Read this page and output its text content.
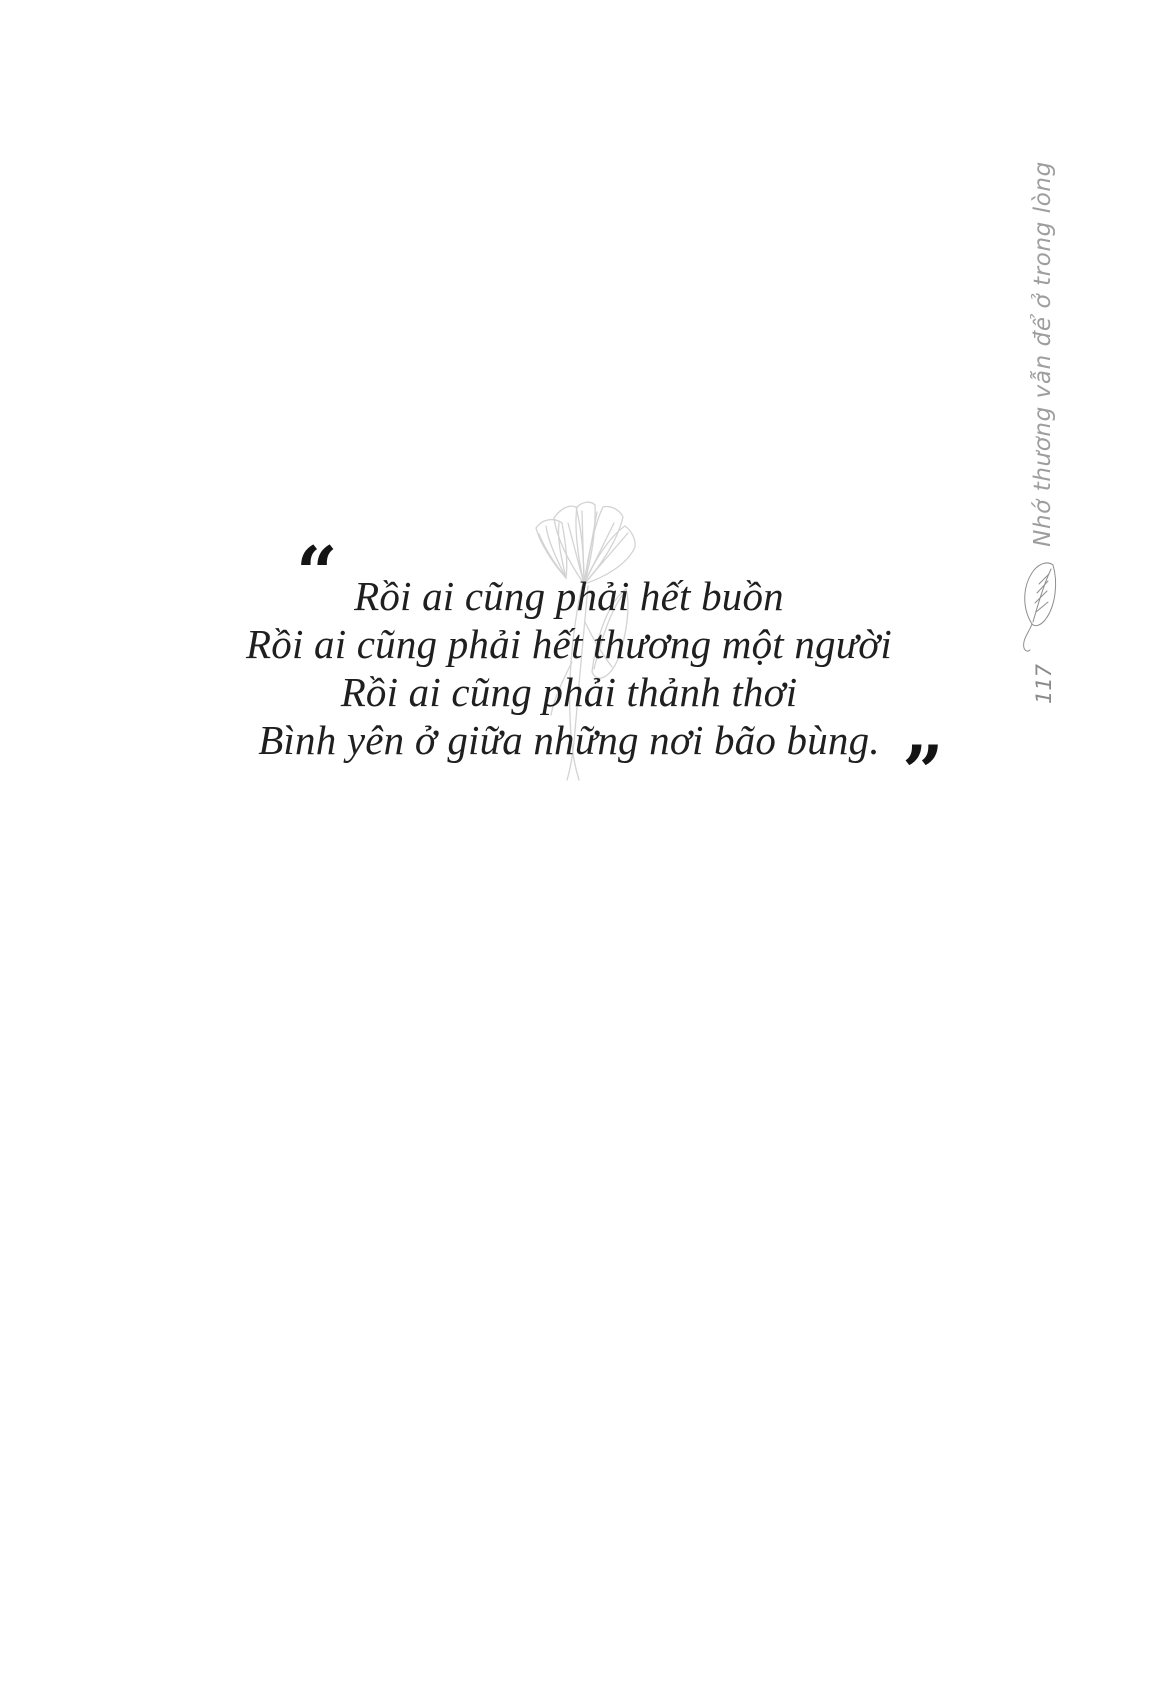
“ Rồi ai cũng phải hết buồn
Rồi ai cũng phải hết thương một người
Rồi ai cũng phải thảnh thơi
Bình yên ở giữa những nơi bão bùng. ”
Nhớ thương vẫn để ở trong lòng
117
